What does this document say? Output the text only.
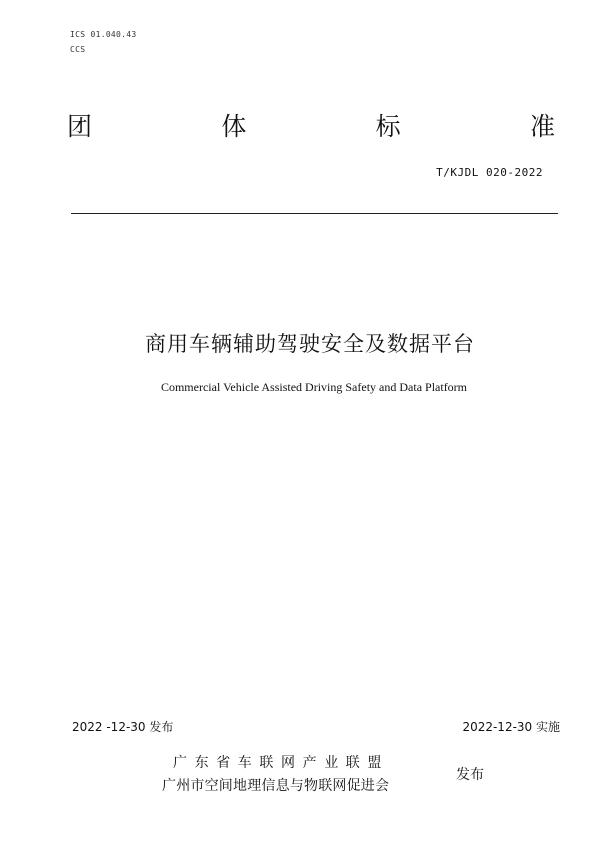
ICS 01.040.43
CCS
团	体	标	准
T/KJDL 020-2022
商用车辆辅助驾驶安全及数据平台
Commercial Vehicle Assisted Driving Safety and Data Platform
2022 -12-30 发布	2022-12-30 实施
广东省车联网产业联盟
广州市空间地理信息与物联网促进会
发布
